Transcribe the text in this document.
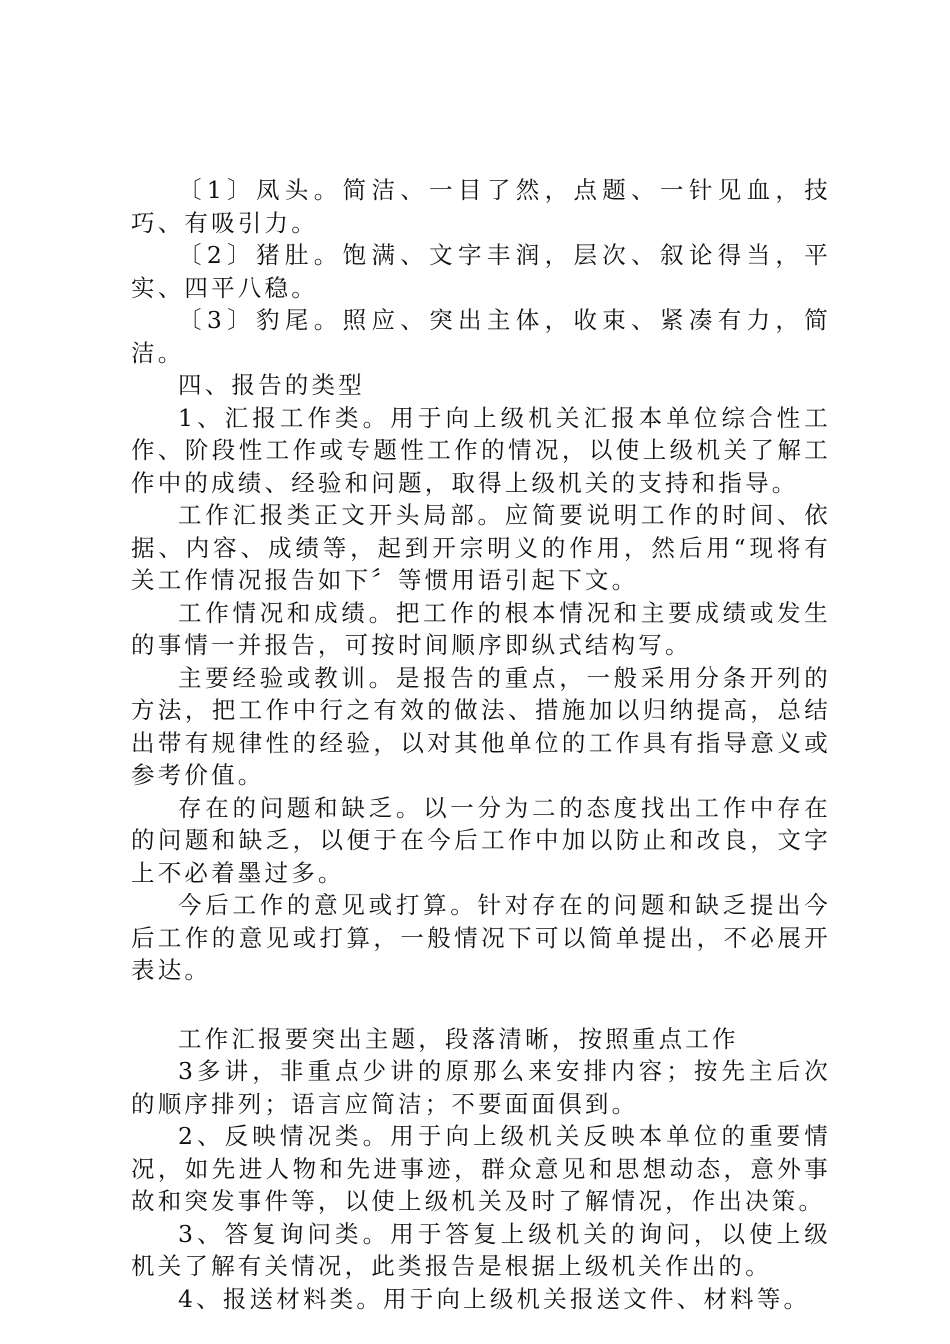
〔1〕凤头。简洁、一目了然，点题、一针见血，技巧、有吸引力。

〔2〕猪肚。饱满、文字丰润，层次、叙论得当，平实、四平八稳。

〔3〕豹尾。照应、突出主体，收束、紧凑有力，简洁。

四、报告的类型

1、汇报工作类。用于向上级机关汇报本单位综合性工作、阶段性工作或专题性工作的情况，以使上级机关了解工作中的成绩、经验和问题，取得上级机关的支持和指导。

工作汇报类正文开头局部。应简要说明工作的时间、依据、内容、成绩等，起到开宗明义的作用，然后用“现将有关工作情况报告如下〞等惯用语引起下文。

工作情况和成绩。把工作的根本情况和主要成绩或发生的事情一并报告，可按时间顺序即纵式结构写。

主要经验或教训。是报告的重点，一般采用分条开列的方法，把工作中行之有效的做法、措施加以归纳提高，总结出带有规律性的经验，以对其他单位的工作具有指导意义或参考价值。

存在的问题和缺乏。以一分为二的态度找出工作中存在的问题和缺乏，以便于在今后工作中加以防止和改良，文字上不必着墨过多。

今后工作的意见或打算。针对存在的问题和缺乏提出今后工作的意见或打算，一般情况下可以简单提出，不必展开表达。

工作汇报要突出主题，段落清晰，按照重点工作

3多讲，非重点少讲的原那么来安排内容；按先主后次的顺序排列；语言应简洁；不要面面俱到。

2、反映情况类。用于向上级机关反映本单位的重要情况，如先进人物和先进事迹，群众意见和思想动态，意外事故和突发事件等，以使上级机关及时了解情况，作出决策。

3、答复询问类。用于答复上级机关的询问，以使上级机关了解有关情况，此类报告是根据上级机关作出的。

4、报送材料类。用于向上级机关报送文件、材料等。
